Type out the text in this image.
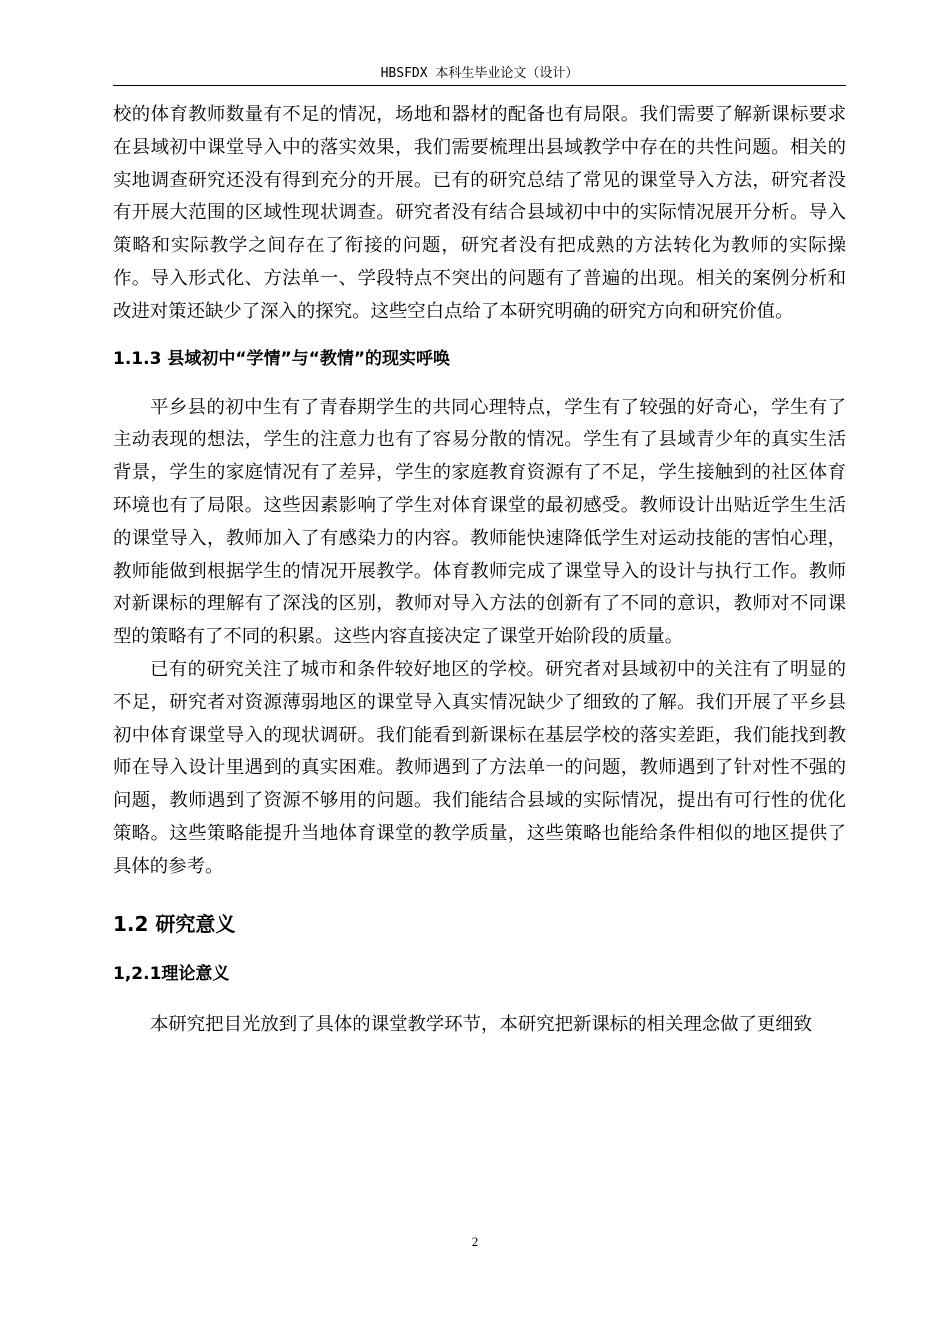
HBSFDX 本科生毕业论文（设计）

校的体育教师数量有不足的情况，场地和器材的配备也有局限。我们需要了解新课标要求在县域初中课堂导入中的落实效果，我们需要梳理出县域教学中存在的共性问题。相关的实地调查研究还没有得到充分的开展。已有的研究总结了常见的课堂导入方法，研究者没有开展大范围的区域性现状调查。研究者没有结合县域初中中的实际情况展开分析。导入策略和实际教学之间存在了衔接的问题，研究者没有把成熟的方法转化为教师的实际操作。导入形式化、方法单一、学段特点不突出的问题有了普遍的出现。相关的案例分析和改进对策还缺少了深入的探究。这些空白点给了本研究明确的研究方向和研究价值。

1.1.3 县域初中“学情”与“教情”的现实呼唤

平乡县的初中生有了青春期学生的共同心理特点，学生有了较强的好奇心，学生有了主动表现的想法，学生的注意力也有了容易分散的情况。学生有了县域青少年的真实生活背景，学生的家庭情况有了差异，学生的家庭教育资源有了不足，学生接触到的社区体育环境也有了局限。这些因素影响了学生对体育课堂的最初感受。教师设计出贴近学生生活的课堂导入，教师加入了有感染力的内容。教师能快速降低学生对运动技能的害怕心理，教师能做到根据学生的情况开展教学。体育教师完成了课堂导入的设计与执行工作。教师对新课标的理解有了深浅的区别，教师对导入方法的创新有了不同的意识，教师对不同课型的策略有了不同的积累。这些内容直接决定了课堂开始阶段的质量。

已有的研究关注了城市和条件较好地区的学校。研究者对县域初中的关注有了明显的不足，研究者对资源薄弱地区的课堂导入真实情况缺少了细致的了解。我们开展了平乡县初中体育课堂导入的现状调研。我们能看到新课标在基层学校的落实差距，我们能找到教师在导入设计里遇到的真实困难。教师遇到了方法单一的问题，教师遇到了针对性不强的问题，教师遇到了资源不够用的问题。我们能结合县域的实际情况，提出有可行性的优化策略。这些策略能提升当地体育课堂的教学质量，这些策略也能给条件相似的地区提供了具体的参考。

1.2 研究意义

1,2.1理论意义

本研究把目光放到了具体的课堂教学环节，本研究把新课标的相关理念做了更细致

2
